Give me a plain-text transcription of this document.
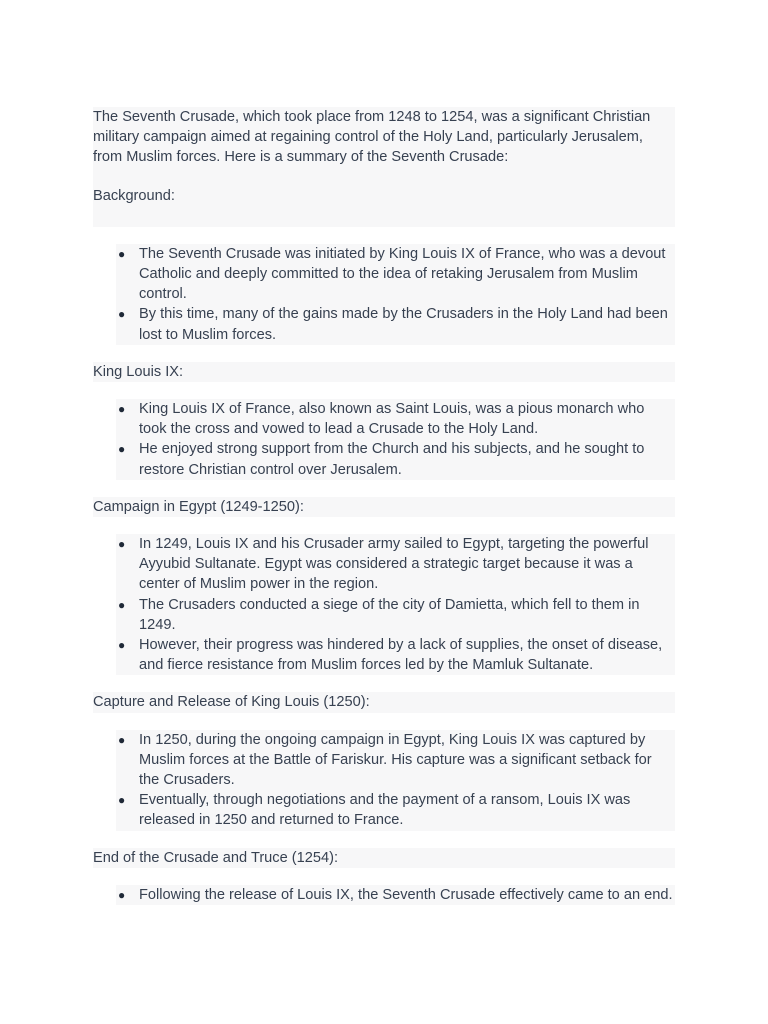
The Seventh Crusade, which took place from 1248 to 1254, was a significant Christian military campaign aimed at regaining control of the Holy Land, particularly Jerusalem, from Muslim forces. Here is a summary of the Seventh Crusade:
Background:
● The Seventh Crusade was initiated by King Louis IX of France, who was a devout Catholic and deeply committed to the idea of retaking Jerusalem from Muslim control.
● By this time, many of the gains made by the Crusaders in the Holy Land had been lost to Muslim forces.
King Louis IX:
● King Louis IX of France, also known as Saint Louis, was a pious monarch who took the cross and vowed to lead a Crusade to the Holy Land.
● He enjoyed strong support from the Church and his subjects, and he sought to restore Christian control over Jerusalem.
Campaign in Egypt (1249-1250):
● In 1249, Louis IX and his Crusader army sailed to Egypt, targeting the powerful Ayyubid Sultanate. Egypt was considered a strategic target because it was a center of Muslim power in the region.
● The Crusaders conducted a siege of the city of Damietta, which fell to them in 1249.
● However, their progress was hindered by a lack of supplies, the onset of disease, and fierce resistance from Muslim forces led by the Mamluk Sultanate.
Capture and Release of King Louis (1250):
● In 1250, during the ongoing campaign in Egypt, King Louis IX was captured by Muslim forces at the Battle of Fariskur. His capture was a significant setback for the Crusaders.
● Eventually, through negotiations and the payment of a ransom, Louis IX was released in 1250 and returned to France.
End of the Crusade and Truce (1254):
● Following the release of Louis IX, the Seventh Crusade effectively came to an end.
